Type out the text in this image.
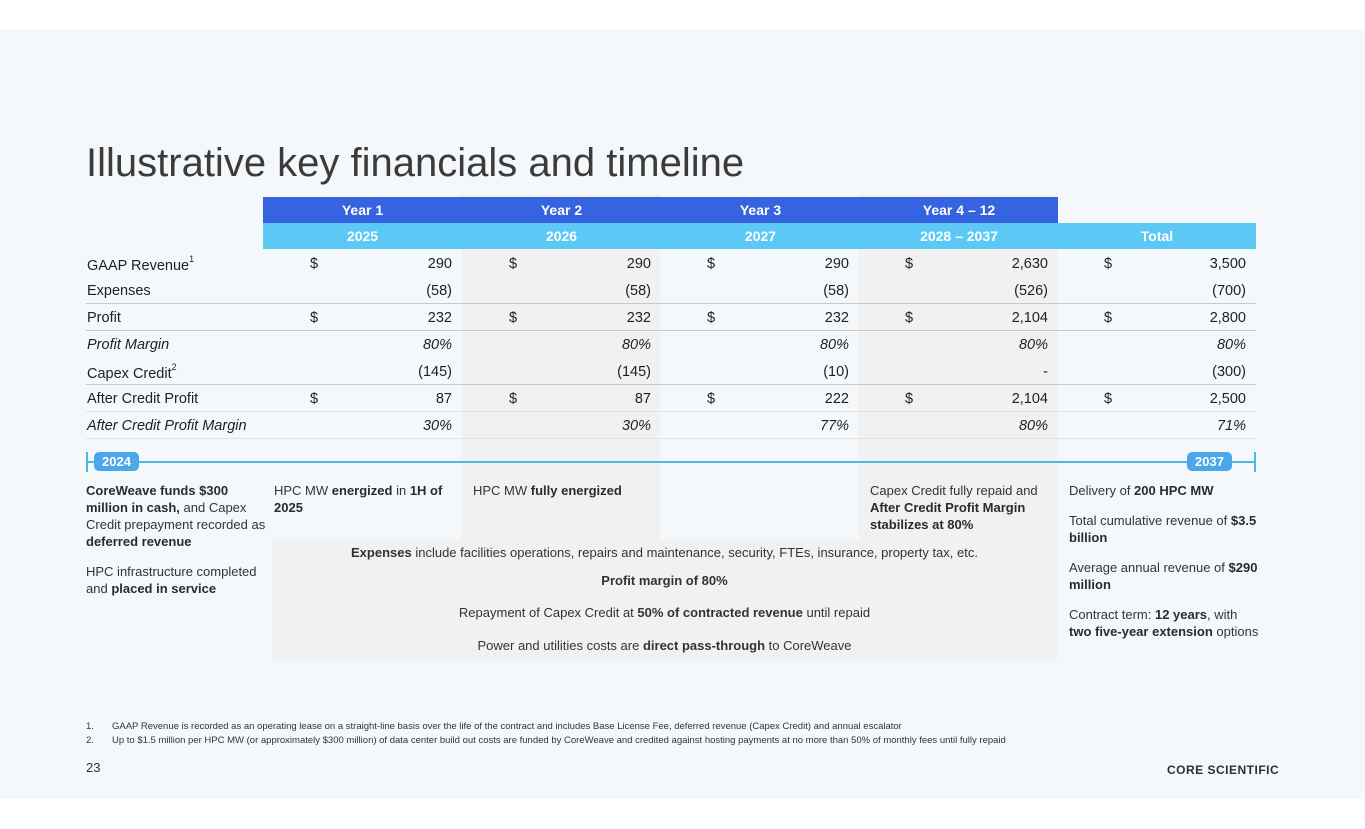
Illustrative key financials and timeline
Year 1	Year 2	Year 3	Year 4 – 12
2025	2026	2027	2028 – 2037	Total
GAAP Revenue$^1$	$	290	$	290	$	290	$	2,630	$	3,500
Expenses	(58)	(58)	(58)	(526)	(700)
Profit	$	232	$	232	$	232	$	2,104	$	2,800
Profit Margin	80%	80%	80%	80%	80%
Capex Credit$^2$	(145)	(145)	(10)	-	(300)
After Credit Profit	$	87	$	87	$	222	$	2,104	$	2,500
After Credit Profit Margin	30%	30%	77%	80%	71%
2024	2037

CoreWeave funds $300 million in cash, and Capex Credit prepayment recorded as deferred revenue

HPC infrastructure completed and placed in service

HPC MW energized in 1H of 2025
HPC MW fully energized	Capex Credit fully repaid and After Credit Profit Margin stabilizes at 80%

Delivery of 200 HPC MW

Total cumulative revenue of $3.5 billion

Average annual revenue of $290 million

Contract term: 12 years, with two five-year extension options

Expenses include facilities operations, repairs and maintenance, security, FTEs, insurance, property tax, etc.
Profit margin of 80%
Repayment of Capex Credit at 50% of contracted revenue until repaid
Power and utilities costs are direct pass-through to CoreWeave
1. GAAP Revenue is recorded as an operating lease on a straight-line basis over the life of the contract and includes Base License Fee, deferred revenue (Capex Credit) and annual escalator
2. Up to $1.5 million per HPC MW (or approximately $300 million) of data center build out costs are funded by CoreWeave and credited against hosting payments at no more than 50% of monthly fees until fully repaid
23	CORE SCIENTIFIC
